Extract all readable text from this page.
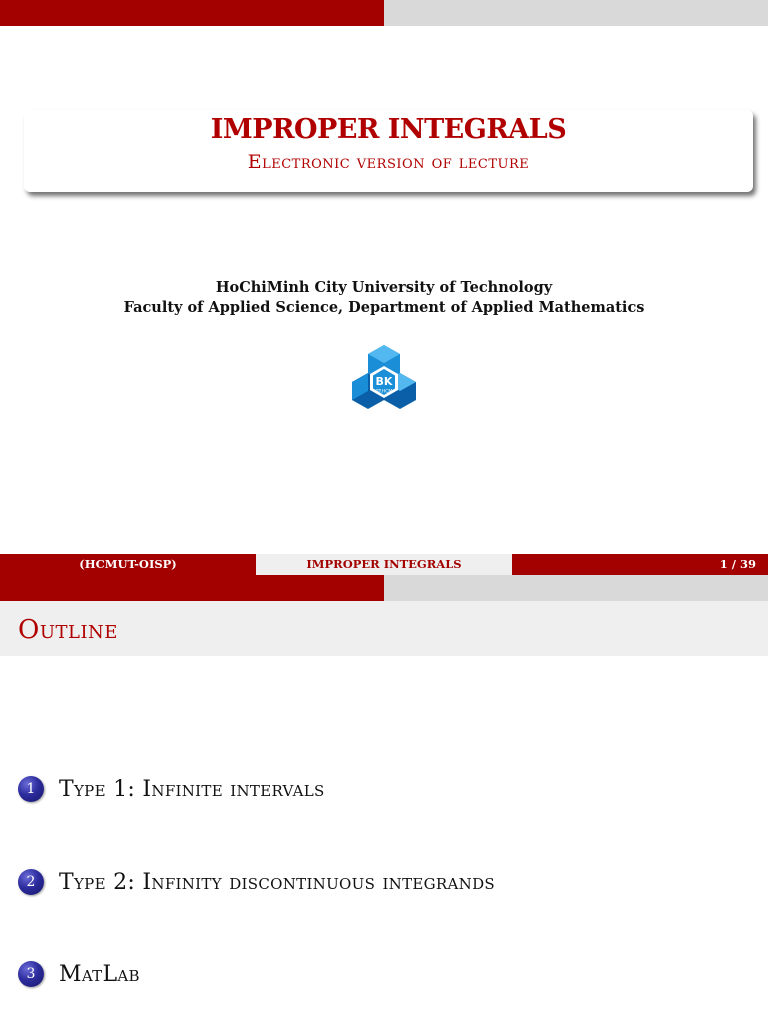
IMPROPER INTEGRALS
Electronic version of lecture
HoChiMinh City University of Technology
Faculty of Applied Science, Department of Applied Mathematics
BK
TP.HCM
(HCMUT-OISP)	IMPROPER INTEGRALS	1 / 39
Outline
1	Type 1: Infinite intervals
2	Type 2: Infinity discontinuous integrands
3	MatLab
